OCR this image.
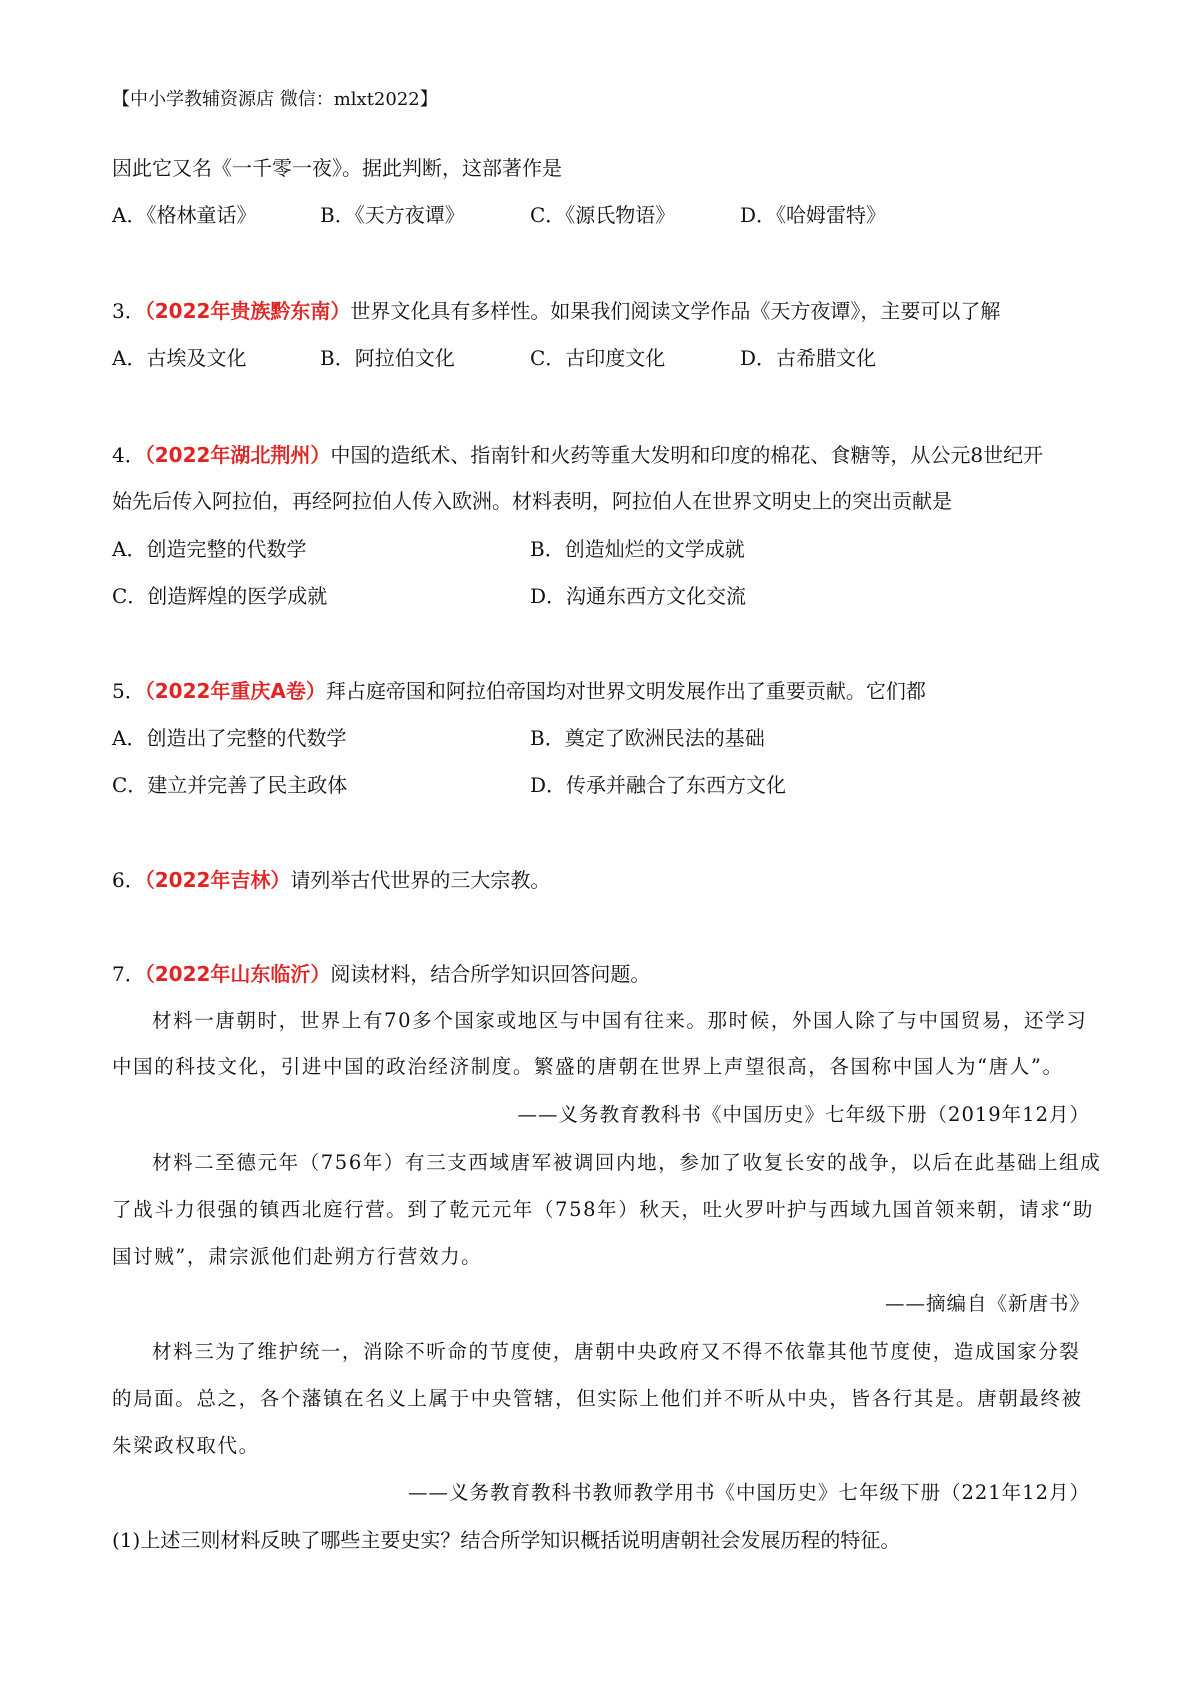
【中小学教辅资源店 微信：mlxt2022】
因此它又名《一千零一夜》。据此判断，这部著作是
A．《格林童话》	B．《天方夜谭》	C．《源氏物语》	D．《哈姆雷特》
3．（2022年贵族黔东南）世界文化具有多样性。如果我们阅读文学作品《天方夜谭》，主要可以了解
A．古埃及文化	B．阿拉伯文化	C．古印度文化	D．古希腊文化
4．（2022年湖北荆州）中国的造纸术、指南针和火药等重大发明和印度的棉花、食糖等，从公元8世纪开
始先后传入阿拉伯，再经阿拉伯人传入欧洲。材料表明，阿拉伯人在世界文明史上的突出贡献是
A．创造完整的代数学	B．创造灿烂的文学成就
C．创造辉煌的医学成就	D．沟通东西方文化交流
5．（2022年重庆A卷）拜占庭帝国和阿拉伯帝国均对世界文明发展作出了重要贡献。它们都
A．创造出了完整的代数学	B．奠定了欧洲民法的基础
C．建立并完善了民主政体	D．传承并融合了东西方文化
6．（2022年吉林）请列举古代世界的三大宗教。
7．（2022年山东临沂）阅读材料，结合所学知识回答问题。
材料一唐朝时，世界上有70多个国家或地区与中国有往来。那时候，外国人除了与中国贸易，还学习
中国的科技文化，引进中国的政治经济制度。繁盛的唐朝在世界上声望很高，各国称中国人为“唐人”。
——义务教育教科书《中国历史》七年级下册（2019年12月）
材料二至德元年（756年）有三支西域唐军被调回内地，参加了收复长安的战争，以后在此基础上组成
了战斗力很强的镇西北庭行营。到了乾元元年（758年）秋天，吐火罗叶护与西域九国首领来朝，请求“助
国讨贼”，肃宗派他们赴朔方行营效力。
——摘编自《新唐书》
材料三为了维护统一，消除不听命的节度使，唐朝中央政府又不得不依靠其他节度使，造成国家分裂
的局面。总之，各个藩镇在名义上属于中央管辖，但实际上他们并不听从中央，皆各行其是。唐朝最终被
朱梁政权取代。
——义务教育教科书教师教学用书《中国历史》七年级下册（221年12月）
(1)上述三则材料反映了哪些主要史实？结合所学知识概括说明唐朝社会发展历程的特征。
